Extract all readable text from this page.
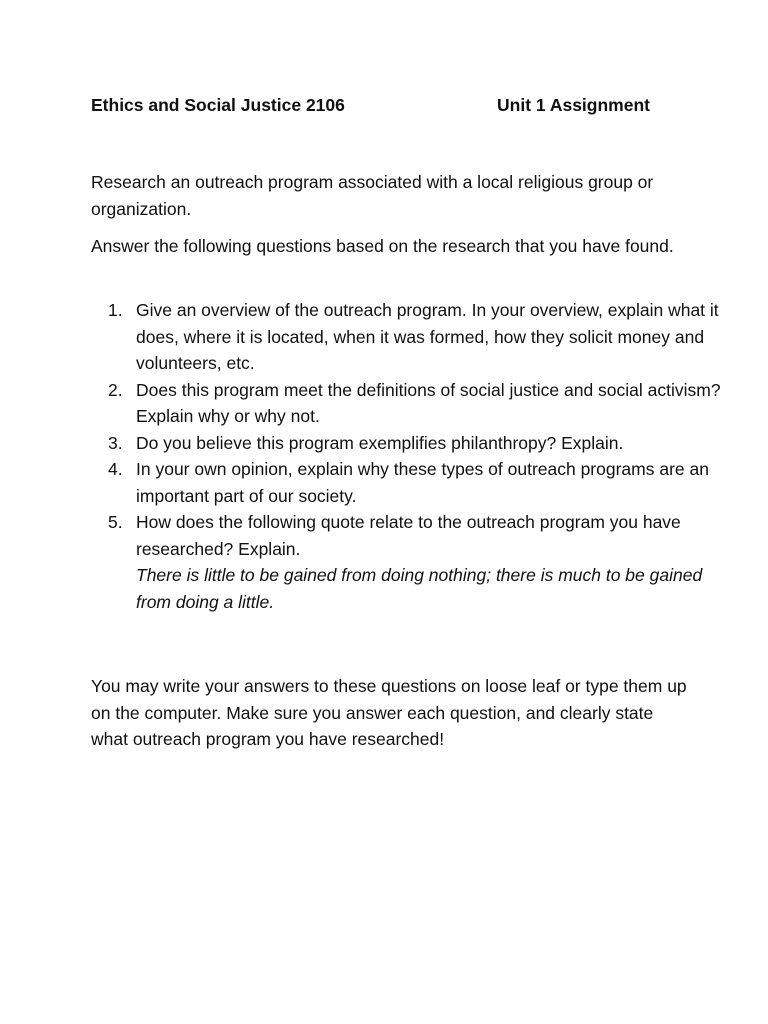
Ethics and Social Justice 2106	Unit 1 Assignment
Research an outreach program associated with a local religious group or organization.
Answer the following questions based on the research that you have found.
Give an overview of the outreach program. In your overview, explain what it does, where it is located, when it was formed, how they solicit money and volunteers, etc.
Does this program meet the definitions of social justice and social activism? Explain why or why not.
Do you believe this program exemplifies philanthropy? Explain.
In your own opinion, explain why these types of outreach programs are an important part of our society.
How does the following quote relate to the outreach program you have researched? Explain.
There is little to be gained from doing nothing; there is much to be gained from doing a little.
You may write your answers to these questions on loose leaf or type them up on the computer. Make sure you answer each question, and clearly state what outreach program you have researched!
